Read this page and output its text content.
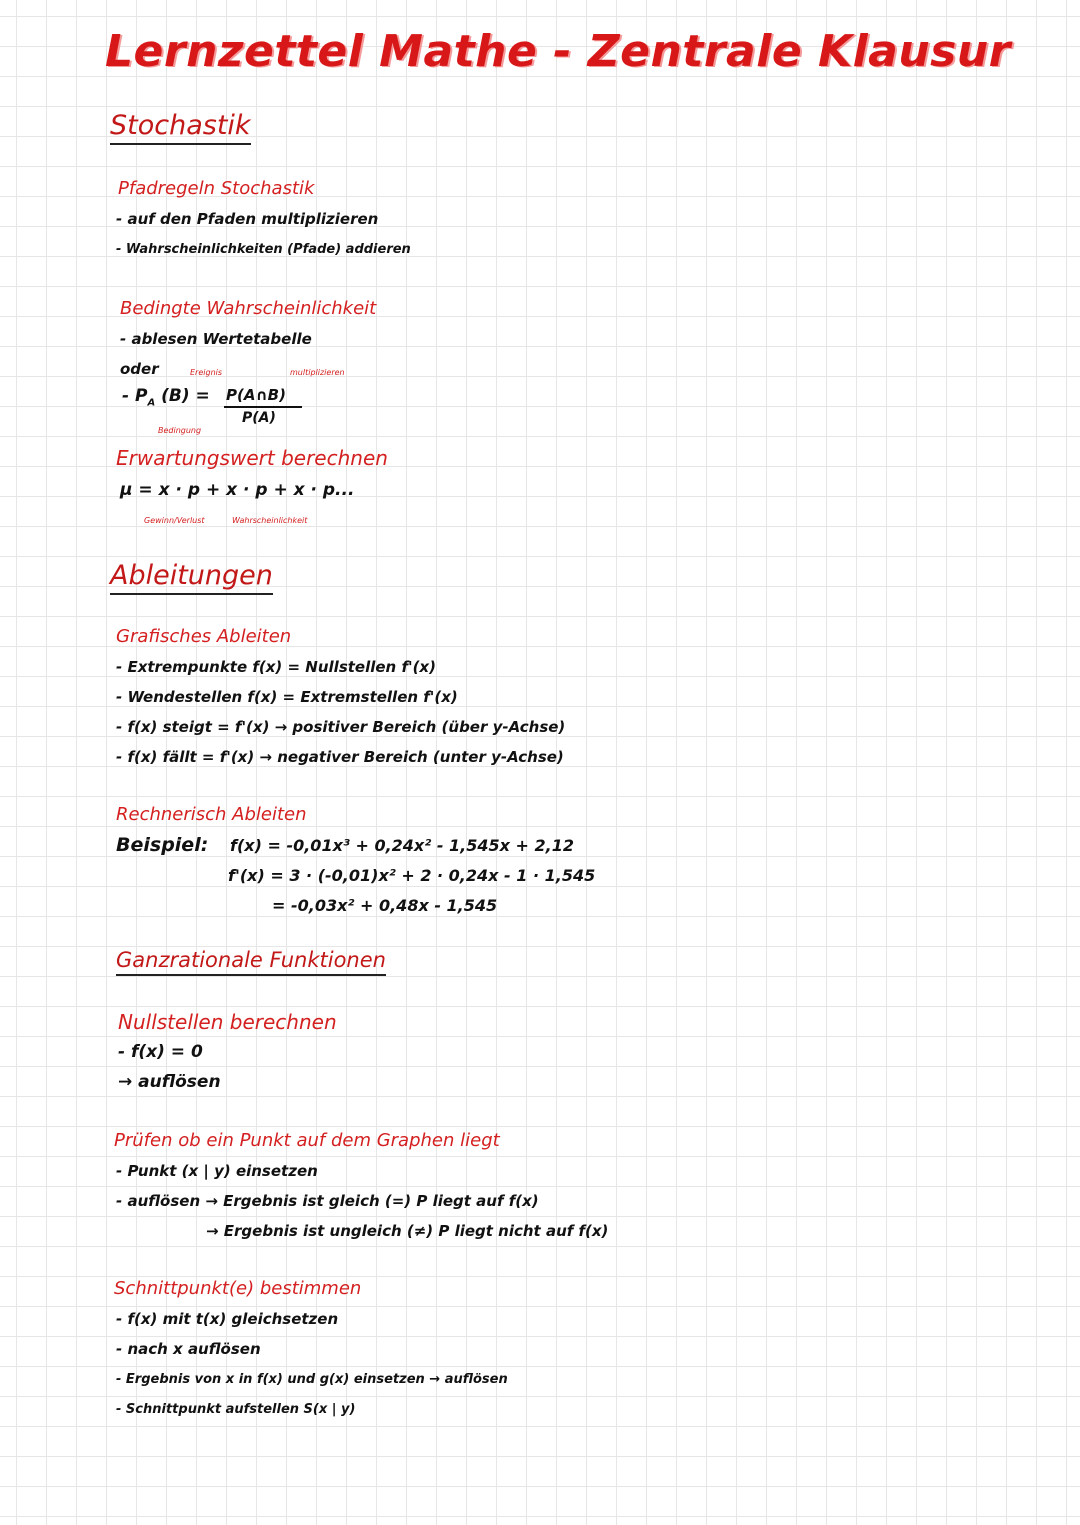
Lernzettel Mathe - Zentrale Klausur
Stochastik
Pfadregeln Stochastik
- auf den Pfaden multiplizieren
- Wahrscheinlichkeiten (Pfade) addieren
Bedingte Wahrscheinlichkeit
- ablesen Wertetabelle
oder	Ereignis	multiplizieren
- $P_A$ (B) = P(A∩B)
P(A)
Bedingung
Erwartungswert berechnen
μ = x · p + x · p + x · p...
Gewinn/Verlust	Wahrscheinlichkeit
Ableitungen
Grafisches Ableiten
- Extrempunkte f(x) = Nullstellen f'(x)
- Wendestellen f(x) = Extremstellen f'(x)
- f(x) steigt = f'(x) → positiver Bereich (über y-Achse)
- f(x) fällt = f'(x) → negativer Bereich (unter y-Achse)
Rechnerisch Ableiten
Beispiel: f(x) = -0,01x³ + 0,24x² - 1,545x + 2,12
f'(x) = 3 · (-0,01)x² + 2 · 0,24x - 1 · 1,545
= -0,03x² + 0,48x - 1,545
Ganzrationale Funktionen
Nullstellen berechnen
- f(x) = 0
→ auflösen
Prüfen ob ein Punkt auf dem Graphen liegt
- Punkt (x | y) einsetzen
- auflösen → Ergebnis ist gleich (=) P liegt auf f(x)
→ Ergebnis ist ungleich (≠) P liegt nicht auf f(x)
Schnittpunkt(e) bestimmen
- f(x) mit t(x) gleichsetzen
- nach x auflösen
- Ergebnis von x in f(x) und g(x) einsetzen → auflösen
- Schnittpunkt aufstellen S(x | y)
